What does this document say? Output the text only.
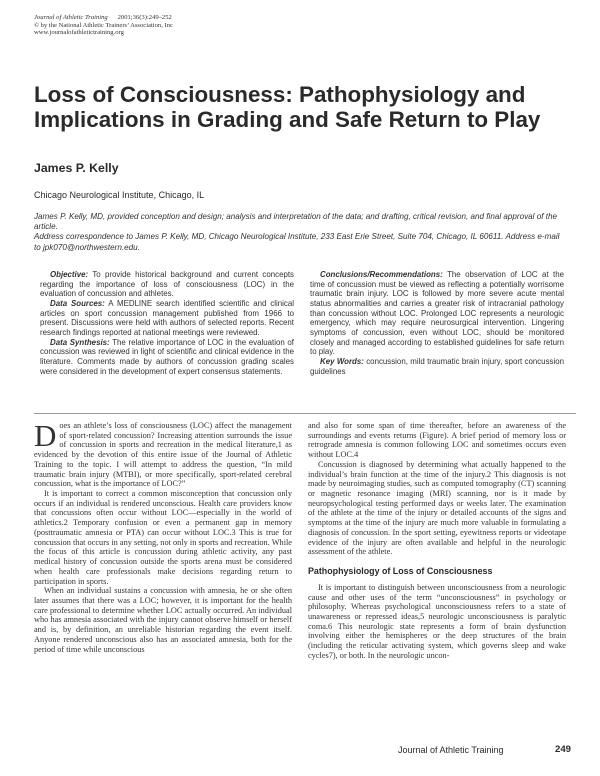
Journal of Athletic Training 2001;36(3):249–252
© by the National Athletic Trainers’ Association, Inc
www.journalofathletictraining.org
Loss of Consciousness: Pathophysiology and Implications in Grading and Safe Return to Play
James P. Kelly
Chicago Neurological Institute, Chicago, IL
James P. Kelly, MD, provided conception and design; analysis and interpretation of the data; and drafting, critical revision, and final approval of the article.
Address correspondence to James P. Kelly, MD, Chicago Neurological Institute, 233 East Erie Street, Suite 704, Chicago, IL 60611. Address e-mail to jpk070@northwestern.edu.

Objective: To provide historical background and current concepts regarding the importance of loss of consciousness (LOC) in the evaluation of concussion and athletes.

Data Sources: A MEDLINE search identified scientific and clinical articles on sport concussion management published from 1966 to present. Discussions were held with authors of selected reports. Recent research findings reported at national meetings were reviewed.

Data Synthesis: The relative importance of LOC in the evaluation of concussion was reviewed in light of scientific and clinical evidence in the literature. Comments made by authors of concussion grading scales were considered in the development of expert consensus statements.

Conclusions/Recommendations: The observation of LOC at the time of concussion must be viewed as reflecting a potentially worrisome traumatic brain injury. LOC is followed by more severe acute mental status abnormalities and carries a greater risk of intracranial pathology than concussion without LOC. Prolonged LOC represents a neurologic emergency, which may require neurosurgical intervention. Lingering symptoms of concussion, even without LOC, should be monitored closely and managed according to established guidelines for safe return to play.

Key Words: concussion, mild traumatic brain injury, sport concussion guidelines

Does an athlete’s loss of consciousness (LOC) affect the management of sport-related concussion? Increasing attention surrounds the issue of concussion in sports and recreation in the medical literature,1 as evidenced by the devotion of this entire issue of the Journal of Athletic Training to the topic. I will attempt to address the question, “In mild traumatic brain injury (MTBI), or more specifically, sport-related cerebral concussion, what is the importance of LOC?”

It is important to correct a common misconception that concussion only occurs if an individual is rendered unconscious. Health care providers know that concussions often occur without LOC—especially in the world of athletics.2 Temporary confusion or even a permanent gap in memory (posttraumatic amnesia or PTA) can occur without LOC.3 This is true for concussion that occurs in any setting, not only in sports and recreation. While the focus of this article is concussion during athletic activity, any past medical history of concussion outside the sports arena must be considered when health care professionals make decisions regarding return to participation in sports.

When an individual sustains a concussion with amnesia, he or she often later assumes that there was a LOC; however, it is important for the health care professional to determine whether LOC actually occurred. An individual who has amnesia associated with the injury cannot observe himself or herself and is, by definition, an unreliable historian regarding the event itself. Anyone rendered unconscious also has an associated amnesia, both for the period of time while unconscious

and also for some span of time thereafter, before an awareness of the surroundings and events returns (Figure). A brief period of memory loss or retrograde amnesia is common following LOC and sometimes occurs even without LOC.4

Concussion is diagnosed by determining what actually happened to the individual’s brain function at the time of the injury.2 This diagnosis is not made by neuroimaging studies, such as computed tomography (CT) scanning or magnetic resonance imaging (MRI) scanning, nor is it made by neuropsychological testing performed days or weeks later. The examination of the athlete at the time of the injury or detailed accounts of the signs and symptoms at the time of the injury are much more valuable in formulating a diagnosis of concussion. In the sport setting, eyewitness reports or videotape evidence of the injury are often available and helpful in the neurologic assessment of the athlete.

Pathophysiology of Loss of Consciousness

It is important to distinguish between unconsciousness from a neurologic cause and other uses of the term “unconsciousness” in psychology or philosophy. Whereas psychological unconsciousness refers to a state of unawareness or repressed ideas,5 neurologic unconsciousness is paralytic coma.6 This neurologic state represents a form of brain dysfunction involving either the hemispheres or the deep structures of the brain (including the reticular activating system, which governs sleep and wake cycles7), or both. In the neurologic uncon-

Journal of Athletic Training	249
